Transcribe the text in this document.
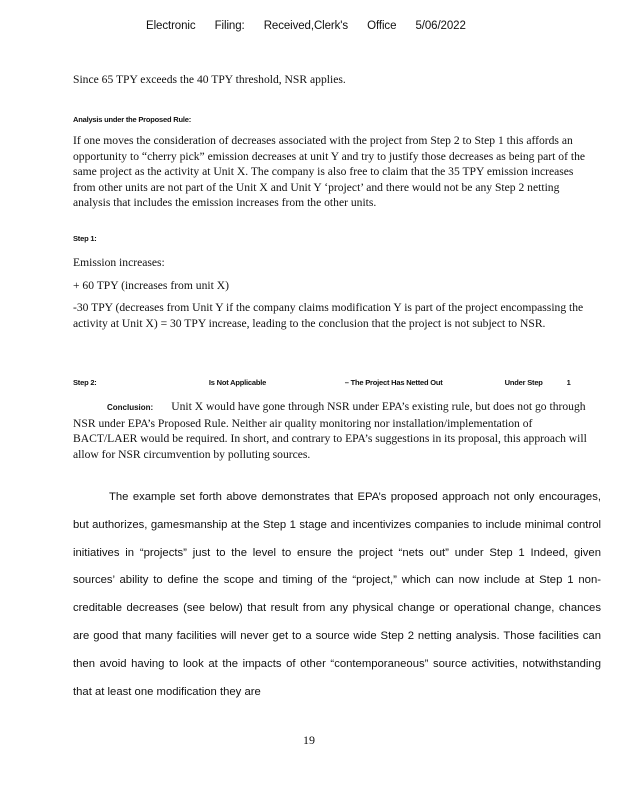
Electronic Filing: Received,Clerk's Office 5/06/2022
Since 65 TPY exceeds the 40 TPY threshold, NSR applies.
Analysis under the Proposed Rule:
If one moves the consideration of decreases associated with the project from Step 2 to Step 1 this affords an opportunity to “cherry pick” emission decreases at unit Y and try to justify those decreases as being part of the same project as the activity at Unit X. The company is also free to claim that the 35 TPY emission increases from other units are not part of the Unit X and Unit Y ‘project’ and there would not be any Step 2 netting analysis that includes the emission increases from the other units.
Step 1:
Emission increases:
+ 60 TPY (increases from unit X)
-30 TPY (decreases from Unit Y if the company claims modification Y is part of the project encompassing the activity at Unit X) = 30 TPY increase, leading to the conclusion that the project is not subject to NSR.
Step 2:	Is Not Applicable	– The Project Has Netted Out	Under Step	1
Conclusion: Unit X would have gone through NSR under EPA’s existing rule, but does not go through NSR under EPA’s Proposed Rule. Neither air quality monitoring nor installation/implementation of BACT/LAER would be required. In short, and contrary to EPA’s suggestions in its proposal, this approach will allow for NSR circumvention by polluting sources.

The example set forth above demonstrates that EPA’s proposed approach not only encourages, but authorizes, gamesmanship at the Step 1 stage and incentivizes companies to include minimal control initiatives in “projects” just to the level to ensure the project “nets out” under Step 1 Indeed, given sources’ ability to define the scope and timing of the “project,” which can now include at Step 1 non-creditable decreases (see below) that result from any physical change or operational change, chances are good that many facilities will never get to a source wide Step 2 netting analysis. Those facilities can then avoid having to look at the impacts of other “contemporaneous” source activities, notwithstanding that at least one modification they are

19
